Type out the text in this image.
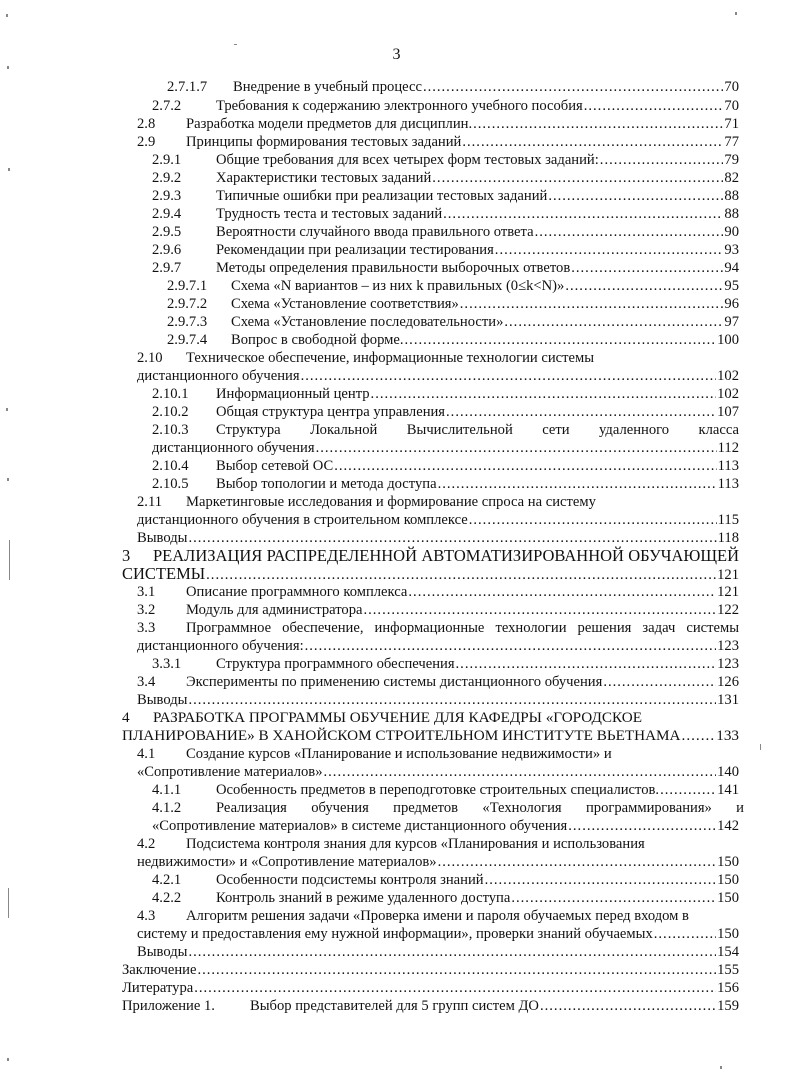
3
2.7.1.7	Внедрение в учебный процесс .....	70
2.7.2	Требования к содержанию электронного учебного пособия .....	70
2.8	Разработка модели предметов для дисциплин. .....	71
2.9	Принципы формирования тестовых заданий .....	77
2.9.1	Общие требования для всех четырех форм тестовых заданий: .....	79
2.9.2	Характеристики тестовых заданий .....	82
2.9.3	Типичные ошибки при реализации тестовых заданий .....	88
2.9.4	Трудность теста и тестовых заданий .....	88
2.9.5	Вероятности случайного ввода правильного ответа .....	90
2.9.6	Рекомендации при реализации тестирования .....	93
2.9.7	Методы определения правильности выборочных ответов .....	94
2.9.7.1	Схема «N вариантов – из них k правильных (0≤k<N)» .....	95
2.9.7.2	Схема «Установление соответствия» .....	96
2.9.7.3	Схема «Установление последовательности» .....	97
2.9.7.4	Вопрос в свободной форме. .....	100
2.10	Техническое обеспечение, информационные технологии системы
дистанционного обучения .....	102
2.10.1	Информационный центр .....	102
2.10.2	Общая структура центра управления .....	107
2.10.3	Структура Локальной Вычислительной сети удаленного класса
дистанционного обучения .....	112
2.10.4	Выбор сетевой ОС .....	113
2.10.5	Выбор топологии и метода доступа .....	113
2.11	Маркетинговые исследования и формирование спроса на систему
дистанционного обучения в строительном комплексе .....	115
Выводы .....	118
3	РЕАЛИЗАЦИЯ РАСПРЕДЕЛЕННОЙ АВТОМАТИЗИРОВАННОЙ ОБУЧАЮЩЕЙ
СИСТЕМЫ .....	121
3.1	Описание программного комплекса .....	121
3.2	Модуль для администратора .....	122
3.3	Программное обеспечение, информационные технологии решения задач системы
дистанционного обучения: .....	123
3.3.1	Структура программного обеспечения .....	123
3.4	Эксперименты по применению системы дистанционного обучения .....	126
Выводы .....	131
4	РАЗРАБОТКА ПРОГРАММЫ ОБУЧЕНИЕ ДЛЯ КАФЕДРЫ «ГОРОДСКОЕ
ПЛАНИРОВАНИЕ» В ХАНОЙСКОМ СТРОИТЕЛЬНОМ ИНСТИТУТЕ ВЬЕТНАМА ..... 133
4.1	Создание курсов «Планирование и использование недвижимости» и
«Сопротивление материалов» .....	140
4.1.1	Особенность предметов в переподготовке строительных специалистов. .....	141
4.1.2	Реализация обучения предметов «Технология программирования» и
«Сопротивление материалов» в системе дистанционного обучения .....	142
4.2	Подсистема контроля знания для курсов «Планирования и использования
недвижимости» и «Сопротивление материалов» .....	150
4.2.1	Особенности подсистемы контроля знаний .....	150
4.2.2	Контроль знаний в режиме удаленного доступа .....	150
4.3	Алгоритм решения задачи «Проверка имени и пароля обучаемых перед входом в
систему и предоставления ему нужной информации», проверки знаний обучаемых .....	150
Выводы .....	154
Заключение .....	155
Литература .....	156
Приложение 1.	Выбор представителей для 5 групп систем ДО .....	159
